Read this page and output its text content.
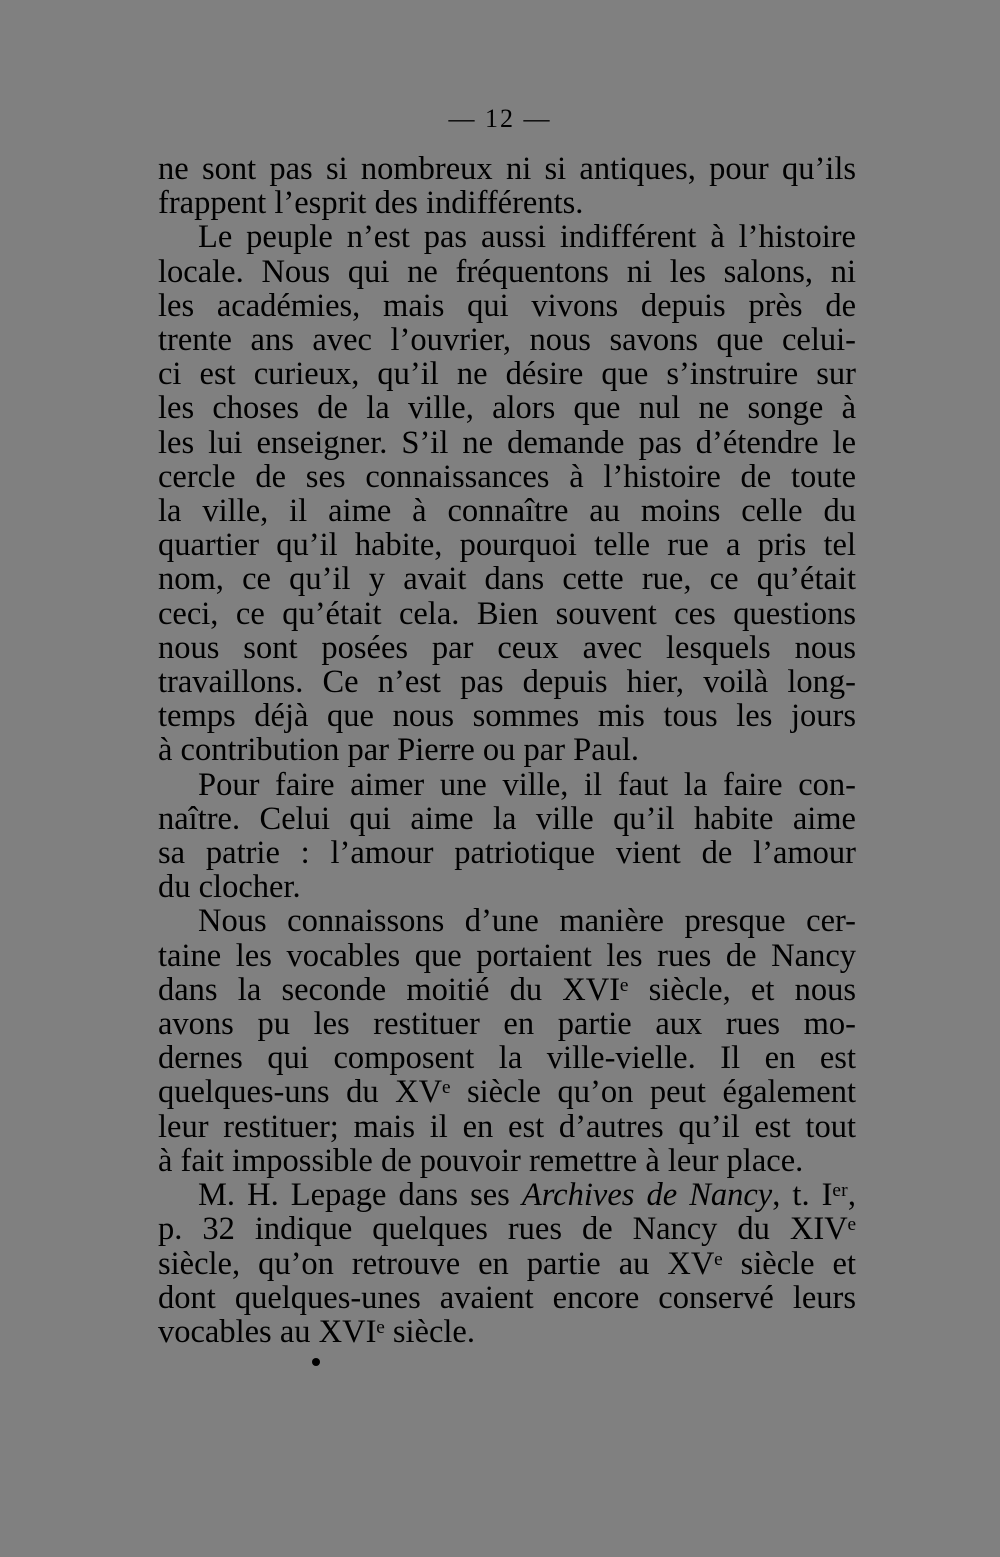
— 12 —
ne sont pas si nombreux ni si antiques, pour qu’ils
frappent l’esprit des indifférents.
Le peuple n’est pas aussi indifférent à l’histoire
locale. Nous qui ne fréquentons ni les salons, ni
les académies, mais qui vivons depuis près de
trente ans avec l’ouvrier, nous savons que celui-
ci est curieux, qu’il ne désire que s’instruire sur
les choses de la ville, alors que nul ne songe à
les lui enseigner. S’il ne demande pas d’étendre le
cercle de ses connaissances à l’histoire de toute
la ville, il aime à connaître au moins celle du
quartier qu’il habite, pourquoi telle rue a pris tel
nom, ce qu’il y avait dans cette rue, ce qu’était
ceci, ce qu’était cela. Bien souvent ces questions
nous sont posées par ceux avec lesquels nous
travaillons. Ce n’est pas depuis hier, voilà long-
temps déjà que nous sommes mis tous les jours
à contribution par Pierre ou par Paul.
Pour faire aimer une ville, il faut la faire con-
naître. Celui qui aime la ville qu’il habite aime
sa patrie : l’amour patriotique vient de l’amour
du clocher.
Nous connaissons d’une manière presque cer-
taine les vocables que portaient les rues de Nancy
dans la seconde moitié du XVIᵉ siècle, et nous
avons pu les restituer en partie aux rues mo-
dernes qui composent la ville-vielle. Il en est
quelques-uns du XVᵉ siècle qu’on peut également
leur restituer; mais il en est d’autres qu’il est tout
à fait impossible de pouvoir remettre à leur place.
M. H. Lepage dans ses Archives de Nancy, t. Iᵉʳ,
p. 32 indique quelques rues de Nancy du XIVᵉ
siècle, qu’on retrouve en partie au XVᵉ siècle et
dont quelques-unes avaient encore conservé leurs
vocables au XVIᵉ siècle.
